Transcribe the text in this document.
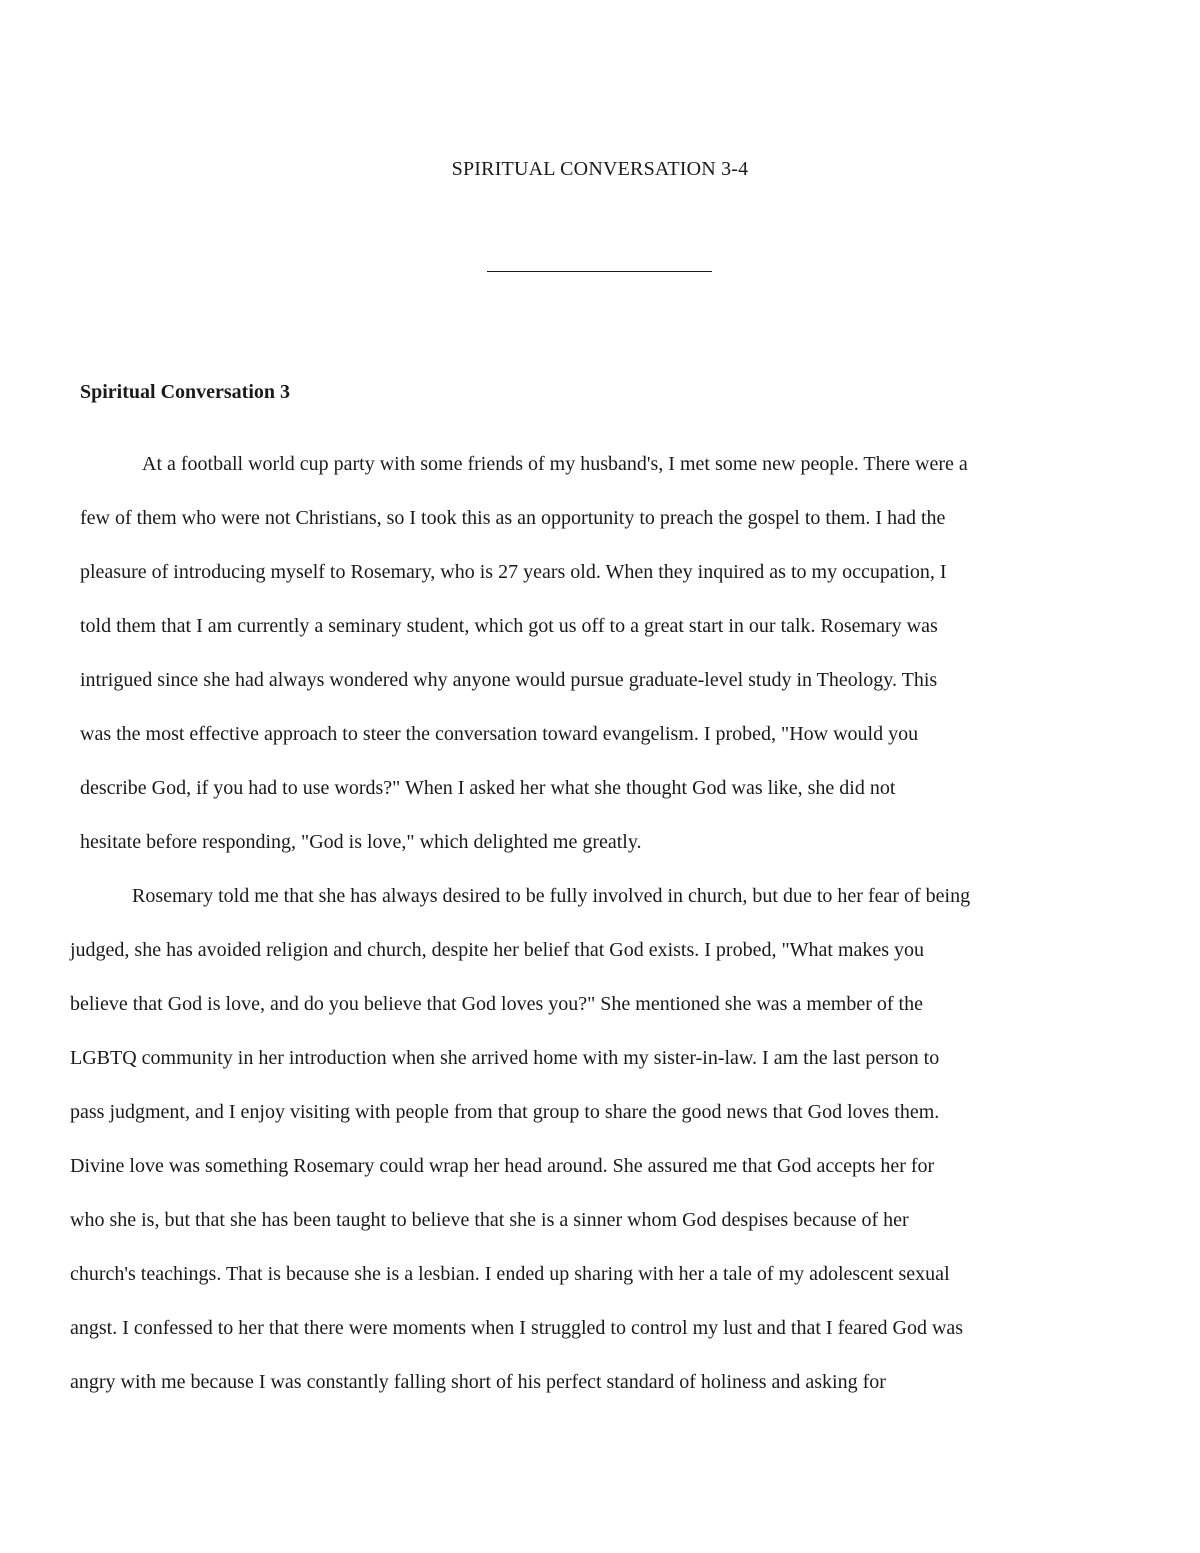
SPIRITUAL CONVERSATION 3-4
Spiritual Conversation 3

At a football world cup party with some friends of my husband's, I met some new people. There were a
few of them who were not Christians, so I took this as an opportunity to preach the gospel to them. I had the
pleasure of introducing myself to Rosemary, who is 27 years old. When they inquired as to my occupation, I
told them that I am currently a seminary student, which got us off to a great start in our talk. Rosemary was
intrigued since she had always wondered why anyone would pursue graduate-level study in Theology. This
was the most effective approach to steer the conversation toward evangelism. I probed, "How would you
describe God, if you had to use words?" When I asked her what she thought God was like, she did not
hesitate before responding, "God is love," which delighted me greatly.

Rosemary told me that she has always desired to be fully involved in church, but due to her fear of being
judged, she has avoided religion and church, despite her belief that God exists. I probed, "What makes you
believe that God is love, and do you believe that God loves you?" She mentioned she was a member of the
LGBTQ community in her introduction when she arrived home with my sister-in-law. I am the last person to
pass judgment, and I enjoy visiting with people from that group to share the good news that God loves them.
Divine love was something Rosemary could wrap her head around. She assured me that God accepts her for
who she is, but that she has been taught to believe that she is a sinner whom God despises because of her
church's teachings. That is because she is a lesbian. I ended up sharing with her a tale of my adolescent sexual
angst. I confessed to her that there were moments when I struggled to control my lust and that I feared God was
angry with me because I was constantly falling short of his perfect standard of holiness and asking for
